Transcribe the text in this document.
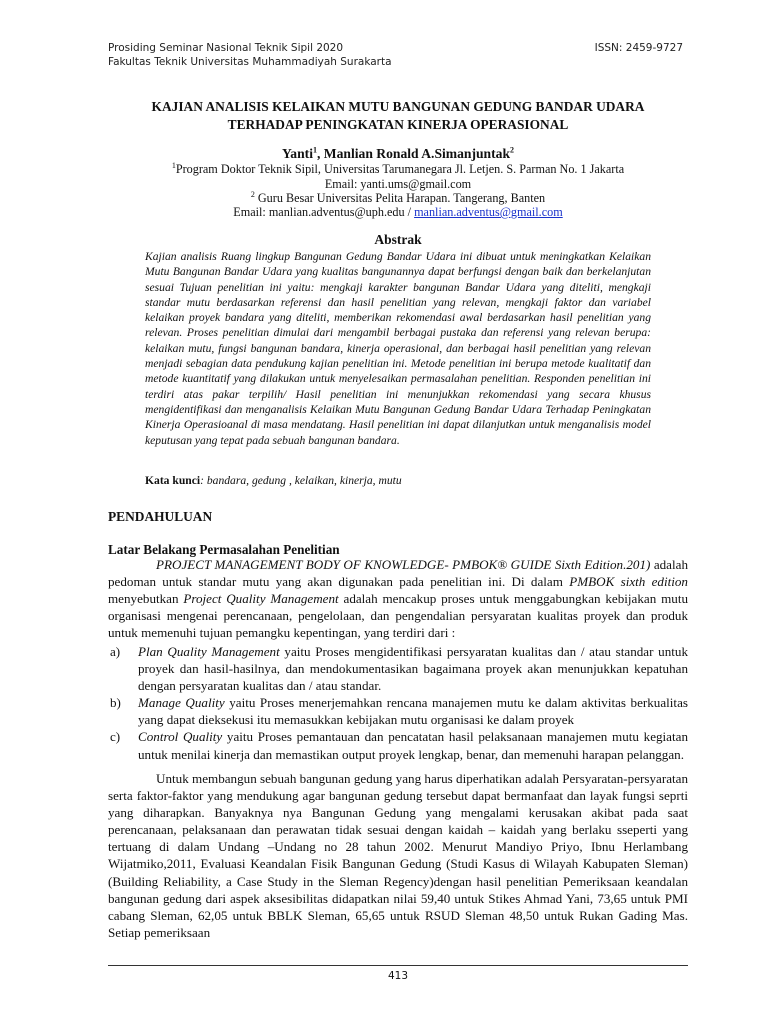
Prosiding Seminar Nasional Teknik Sipil 2020
Fakultas Teknik Universitas Muhammadiyah Surakarta
ISSN: 2459-9727
KAJIAN ANALISIS KELAIKAN MUTU BANGUNAN GEDUNG BANDAR UDARA
TERHADAP PENINGKATAN KINERJA OPERASIONAL
Yanti$^1$, Manlian Ronald A.Simanjuntak$^2$
$^1$Program Doktor Teknik Sipil, Universitas Tarumanegara Jl. Letjen. S. Parman No. 1 Jakarta
Email: yanti.ums@gmail.com
$^2$ Guru Besar Universitas Pelita Harapan. Tangerang, Banten
Email: manlian.adventus@uph.edu / manlian.adventus@gmail.com
Abstrak
Kajian analisis Ruang lingkup Bangunan Gedung Bandar Udara ini dibuat untuk meningkatkan Kelaikan Mutu Bangunan Bandar Udara yang kualitas bangunannya dapat berfungsi dengan baik dan berkelanjutan sesuai Tujuan penelitian ini yaitu: mengkaji karakter bangunan Bandar Udara yang diteliti, mengkaji standar mutu berdasarkan referensi dan hasil penelitian yang relevan, mengkaji faktor dan variabel kelaikan proyek bandara yang diteliti, memberikan rekomendasi awal berdasarkan hasil penelitian yang relevan. Proses penelitian dimulai dari mengambil berbagai pustaka dan referensi yang relevan berupa: kelaikan mutu, fungsi bangunan bandara, kinerja operasional, dan berbagai hasil penelitian yang relevan menjadi sebagian data pendukung kajian penelitian ini. Metode penelitian ini berupa metode kualitatif dan metode kuantitatif yang dilakukan untuk menyelesaikan permasalahan penelitian. Responden penelitian ini terdiri atas pakar terpilih/ Hasil penelitian ini menunjukkan rekomendasi yang secara khusus mengidentifikasi dan menganalisis Kelaikan Mutu Bangunan Gedung Bandar Udara Terhadap Peningkatan Kinerja Operasioanal di masa mendatang. Hasil penelitian ini dapat dilanjutkan untuk menganalisis model keputusan yang tepat pada sebuah bangunan bandara.
Kata kunci: bandara, gedung , kelaikan, kinerja, mutu
PENDAHULUAN
Latar Belakang Permasalahan Penelitian
PROJECT MANAGEMENT BODY OF KNOWLEDGE- PMBOK® GUIDE Sixth Edition.201) adalah pedoman untuk standar mutu yang akan digunakan pada penelitian ini. Di dalam PMBOK sixth edition menyebutkan Project Quality Management adalah mencakup proses untuk menggabungkan kebijakan mutu organisasi mengenai perencanaan, pengelolaan, dan pengendalian persyaratan kualitas proyek dan produk untuk memenuhi tujuan pemangku kepentingan, yang terdiri dari :
a) Plan Quality Management yaitu Proses mengidentifikasi persyaratan kualitas dan / atau standar untuk proyek dan hasil-hasilnya, dan mendokumentasikan bagaimana proyek akan menunjukkan kepatuhan dengan persyaratan kualitas dan / atau standar.
b) Manage Quality yaitu Proses menerjemahkan rencana manajemen mutu ke dalam aktivitas berkualitas yang dapat dieksekusi itu memasukkan kebijakan mutu organisasi ke dalam proyek
c) Control Quality yaitu Proses pemantauan dan pencatatan hasil pelaksanaan manajemen mutu kegiatan untuk menilai kinerja dan memastikan output proyek lengkap, benar, dan memenuhi harapan pelanggan.
Untuk membangun sebuah bangunan gedung yang harus diperhatikan adalah Persyaratan-persyaratan serta faktor-faktor yang mendukung agar bangunan gedung tersebut dapat bermanfaat dan layak fungsi seprti yang diharapkan. Banyaknya nya Bangunan Gedung yang mengalami kerusakan akibat pada saat perencanaan, pelaksanaan dan perawatan tidak sesuai dengan kaidah – kaidah yang berlaku sseperti yang tertuang di dalam Undang –Undang no 28 tahun 2002. Menurut Mandiyo Priyo, Ibnu Herlambang Wijatmiko,2011, Evaluasi Keandalan Fisik Bangunan Gedung (Studi Kasus di Wilayah Kabupaten Sleman) (Building Reliability, a Case Study in the Sleman Regency)dengan hasil penelitian Pemeriksaan keandalan bangunan gedung dari aspek aksesibilitas didapatkan nilai 59,40 untuk Stikes Ahmad Yani, 73,65 untuk PMI cabang Sleman, 62,05 untuk BBLK Sleman, 65,65 untuk RSUD Sleman 48,50 untuk Rukan Gading Mas. Setiap pemeriksaan
413
